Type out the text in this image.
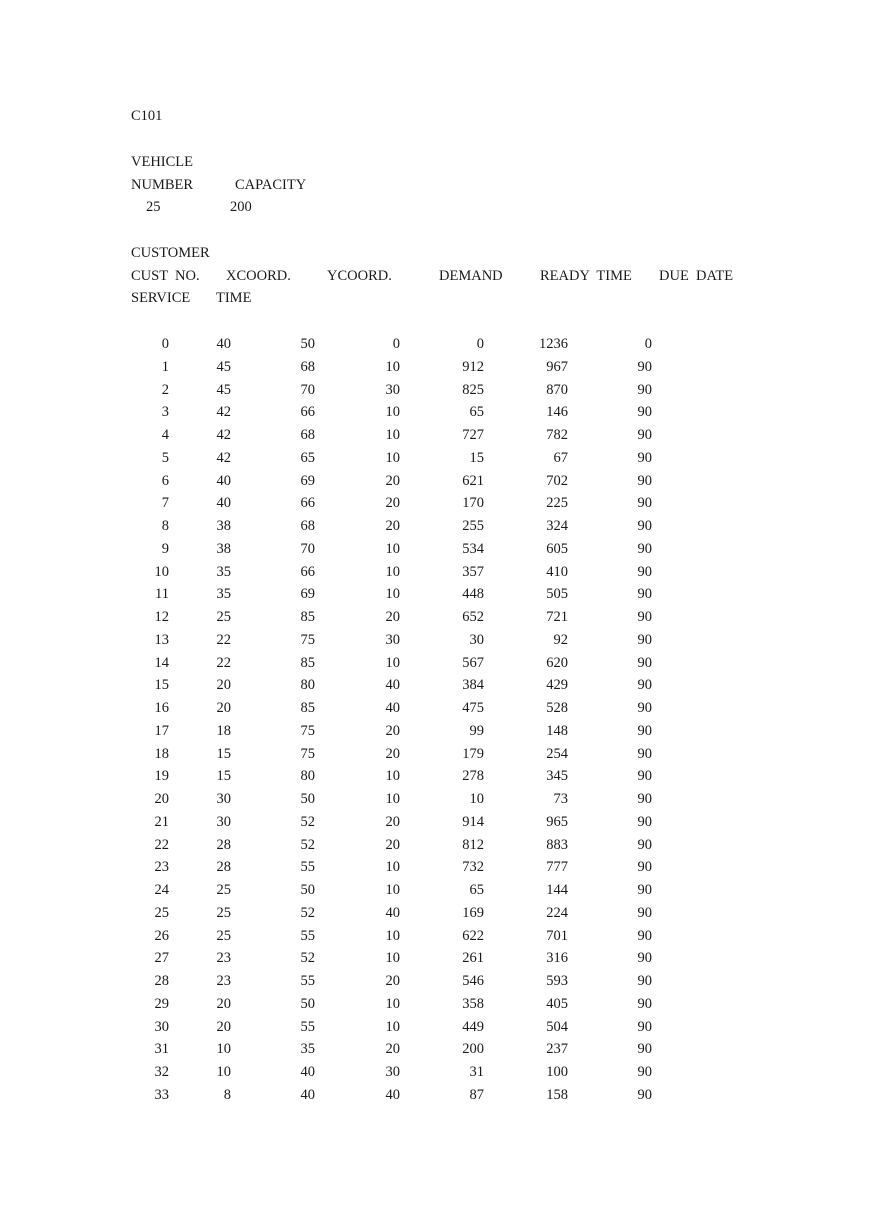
C101
VEHICLE
NUMBER	CAPACITY
25	200
CUSTOMER
CUST  NO. XCOORD. YCOORD.	DEMAND	READY  TIME DUE  DATE
SERVICE TIME
0	40	50	0	0	1236	0
1	45	68	10	912	967	90
2	45	70	30	825	870	90
3	42	66	10	65	146	90
4	42	68	10	727	782	90
5	42	65	10	15	67	90
6	40	69	20	621	702	90
7	40	66	20	170	225	90
8	38	68	20	255	324	90
9	38	70	10	534	605	90
10	35	66	10	357	410	90
11	35	69	10	448	505	90
12	25	85	20	652	721	90
13	22	75	30	30	92	90
14	22	85	10	567	620	90
15	20	80	40	384	429	90
16	20	85	40	475	528	90
17	18	75	20	99	148	90
18	15	75	20	179	254	90
19	15	80	10	278	345	90
20	30	50	10	10	73	90
21	30	52	20	914	965	90
22	28	52	20	812	883	90
23	28	55	10	732	777	90
24	25	50	10	65	144	90
25	25	52	40	169	224	90
26	25	55	10	622	701	90
27	23	52	10	261	316	90
28	23	55	20	546	593	90
29	20	50	10	358	405	90
30	20	55	10	449	504	90
31	10	35	20	200	237	90
32	10	40	30	31	100	90
33	8	40	40	87	158	90
